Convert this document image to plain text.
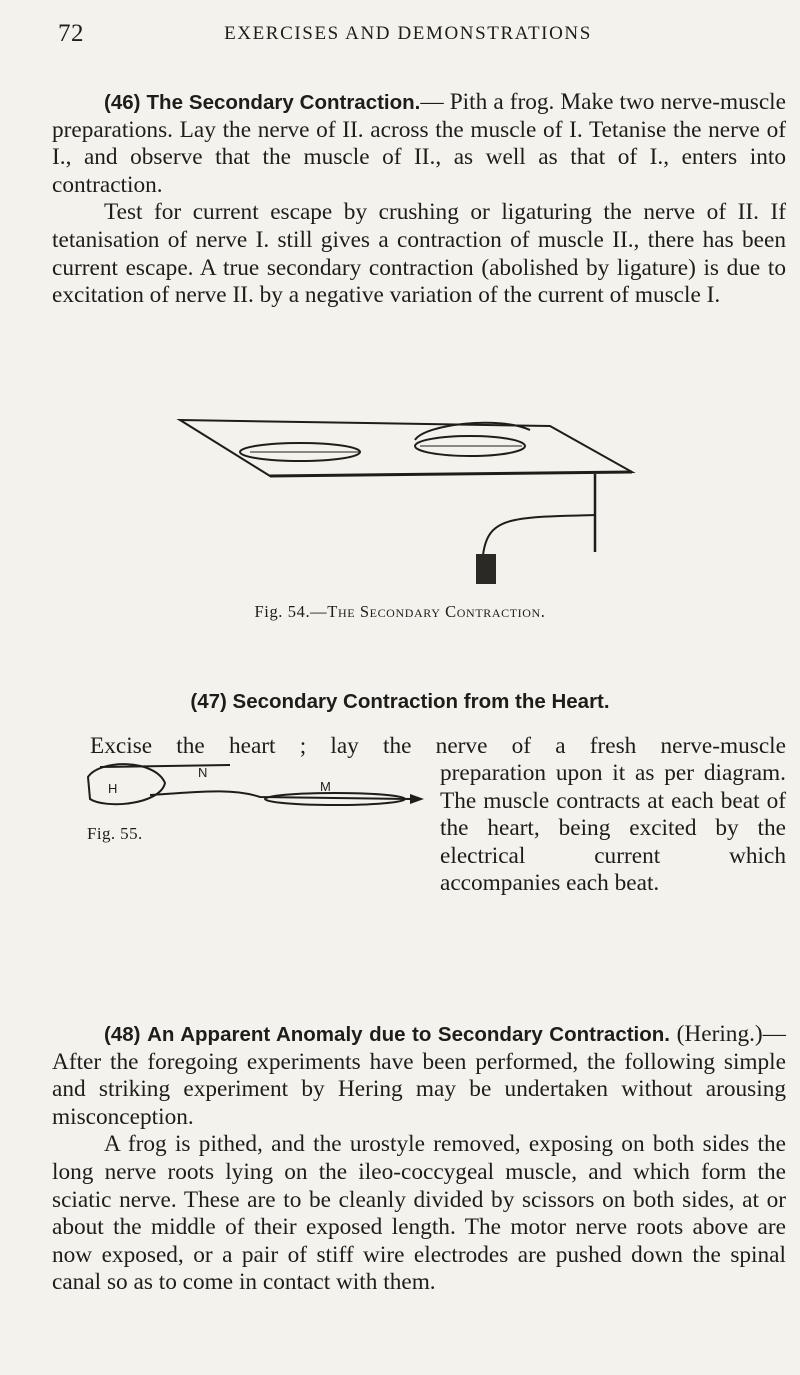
72	EXERCISES AND DEMONSTRATIONS

(46) The Secondary Contraction.— Pith a frog. Make two nerve-muscle preparations. Lay the nerve of II. across the muscle of I. Tetanise the nerve of I., and observe that the muscle of II., as well as that of I., enters into contraction.

Test for current escape by crushing or ligaturing the nerve of II. If tetanisation of nerve I. still gives a contraction of muscle II., there has been current escape. A true secondary contraction (abolished by ligature) is due to excitation of nerve II. by a negative variation of the current of muscle I.

Fig. 54.—The Secondary Contraction.
(47) Secondary Contraction from the Heart.
Excise the heart ; lay the nerve of a fresh nerve-muscle
H
N
M
Fig. 55.
preparation upon it as per diagram. The muscle contracts at each beat of the heart, being excited by the electrical current which accompanies each beat.

(48) An Apparent Anomaly due to Secondary Contraction. (Hering.)—After the foregoing experiments have been performed, the following simple and striking experiment by Hering may be undertaken without arousing misconception.

A frog is pithed, and the urostyle removed, exposing on both sides the long nerve roots lying on the ileo-coccygeal muscle, and which form the sciatic nerve. These are to be cleanly divided by scissors on both sides, at or about the middle of their exposed length. The motor nerve roots above are now exposed, or a pair of stiff wire electrodes are pushed down the spinal canal so as to come in contact with them.
